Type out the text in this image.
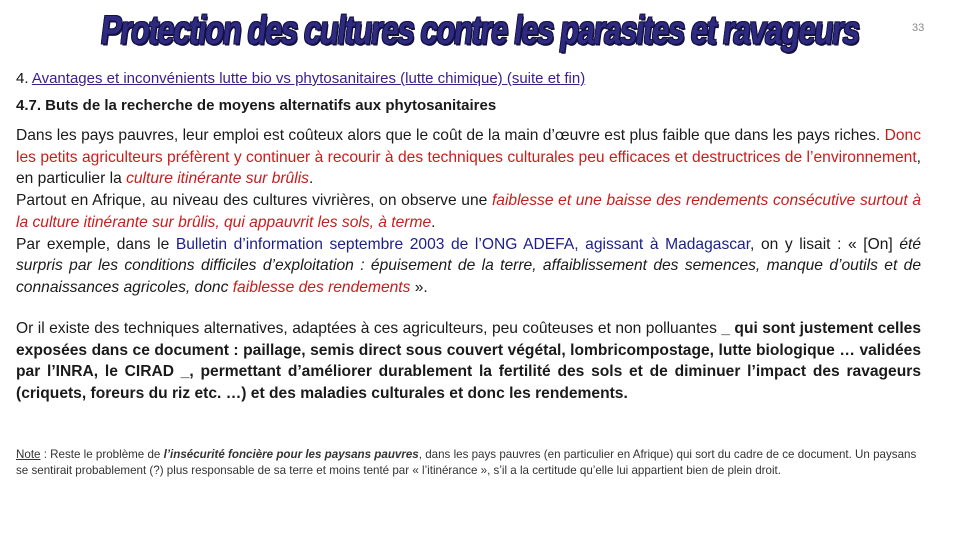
Protection des cultures contre les parasites et ravageurs	33
4. Avantages et inconvénients lutte bio vs phytosanitaires (lutte chimique) (suite et fin)
4.7. Buts de la recherche de moyens alternatifs aux phytosanitaires
Dans les pays pauvres, leur emploi est coûteux alors que le coût de la main d’œuvre est plus faible que dans les pays riches. Donc les petits agriculteurs préfèrent y continuer à recourir à des techniques culturales peu efficaces et destructrices de l’environnement, en particulier la culture itinérante sur brûlis.
Partout en Afrique, au niveau des cultures vivrières, on observe une faiblesse et une baisse des rendements consécutive surtout à la culture itinérante sur brûlis, qui appauvrit les sols, à terme.
Par exemple, dans le Bulletin d’information septembre 2003 de l’ONG ADEFA, agissant à Madagascar, on y lisait : « [On] été surpris par les conditions difficiles d’exploitation : épuisement de la terre, affaiblissement des semences, manque d’outils et de connaissances agricoles, donc faiblesse des rendements ».
Or il existe des techniques alternatives, adaptées à ces agriculteurs, peu coûteuses et non polluantes _ qui sont justement celles exposées dans ce document : paillage, semis direct sous couvert végétal, lombricompostage, lutte biologique … validées par l’INRA, le CIRAD _, permettant d’améliorer durablement la fertilité des sols et de diminuer l’impact des ravageurs (criquets, foreurs du riz etc. …) et des maladies culturales et donc les rendements.
Note : Reste le problème de l’insécurité foncière pour les paysans pauvres, dans les pays pauvres (en particulier en Afrique) qui sort du cadre de ce document. Un paysans se sentirait probablement (?) plus responsable de sa terre et moins tenté par « l’itinérance », s’il a la certitude qu’elle lui appartient bien de plein droit.
